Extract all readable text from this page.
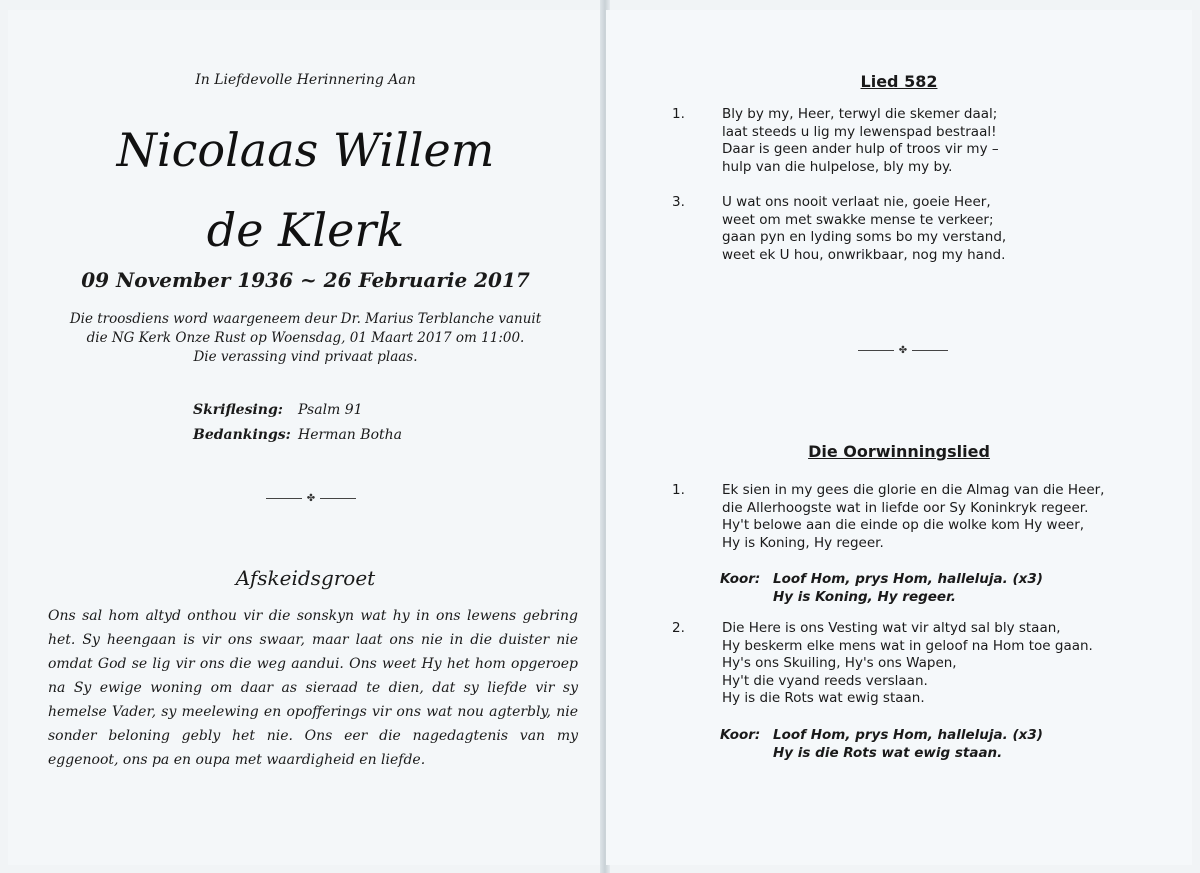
In Liefdevolle Herinnering Aan
Nicolaas Willem
de Klerk
09 November 1936 ~ 26 Februarie 2017
Die troosdiens word waargeneem deur Dr. Marius Terblanche vanuit
die NG Kerk Onze Rust op Woensdag, 01 Maart 2017 om 11:00.
Die verassing vind privaat plaas.
Skriflesing: Psalm 91
Bedankings: Herman Botha
✤
Afskeidsgroet
Ons sal hom altyd onthou vir die sonskyn wat hy in ons lewens gebring het. Sy heengaan is vir ons swaar, maar laat ons nie in die duister nie omdat God se lig vir ons die weg aandui. Ons weet Hy het hom opgeroep na Sy ewige woning om daar as sieraad te dien, dat sy liefde vir sy hemelse Vader, sy meelewing en opofferings vir ons wat nou agterbly, nie sonder beloning gebly het nie. Ons eer die nagedagtenis van my eggenoot, ons pa en oupa met waardigheid en liefde.
Lied 582
1.	Bly by my, Heer, terwyl die skemer daal;
laat steeds u lig my lewenspad bestraal!
Daar is geen ander hulp of troos vir my –
hulp van die hulpelose, bly my by.
3.	U wat ons nooit verlaat nie, goeie Heer,
weet om met swakke mense te verkeer;
gaan pyn en lyding soms bo my verstand,
weet ek U hou, onwrikbaar, nog my hand.
✤
Die Oorwinningslied
1.	Ek sien in my gees die glorie en die Almag van die Heer,
die Allerhoogste wat in liefde oor Sy Koninkryk regeer.
Hy't belowe aan die einde op die wolke kom Hy weer,
Hy is Koning, Hy regeer.
Koor: Loof Hom, prys Hom, halleluja. (x3)
Hy is Koning, Hy regeer.
2.	Die Here is ons Vesting wat vir altyd sal bly staan,
Hy beskerm elke mens wat in geloof na Hom toe gaan.
Hy's ons Skuiling, Hy's ons Wapen,
Hy't die vyand reeds verslaan.
Hy is die Rots wat ewig staan.
Koor: Loof Hom, prys Hom, halleluja. (x3)
Hy is die Rots wat ewig staan.
